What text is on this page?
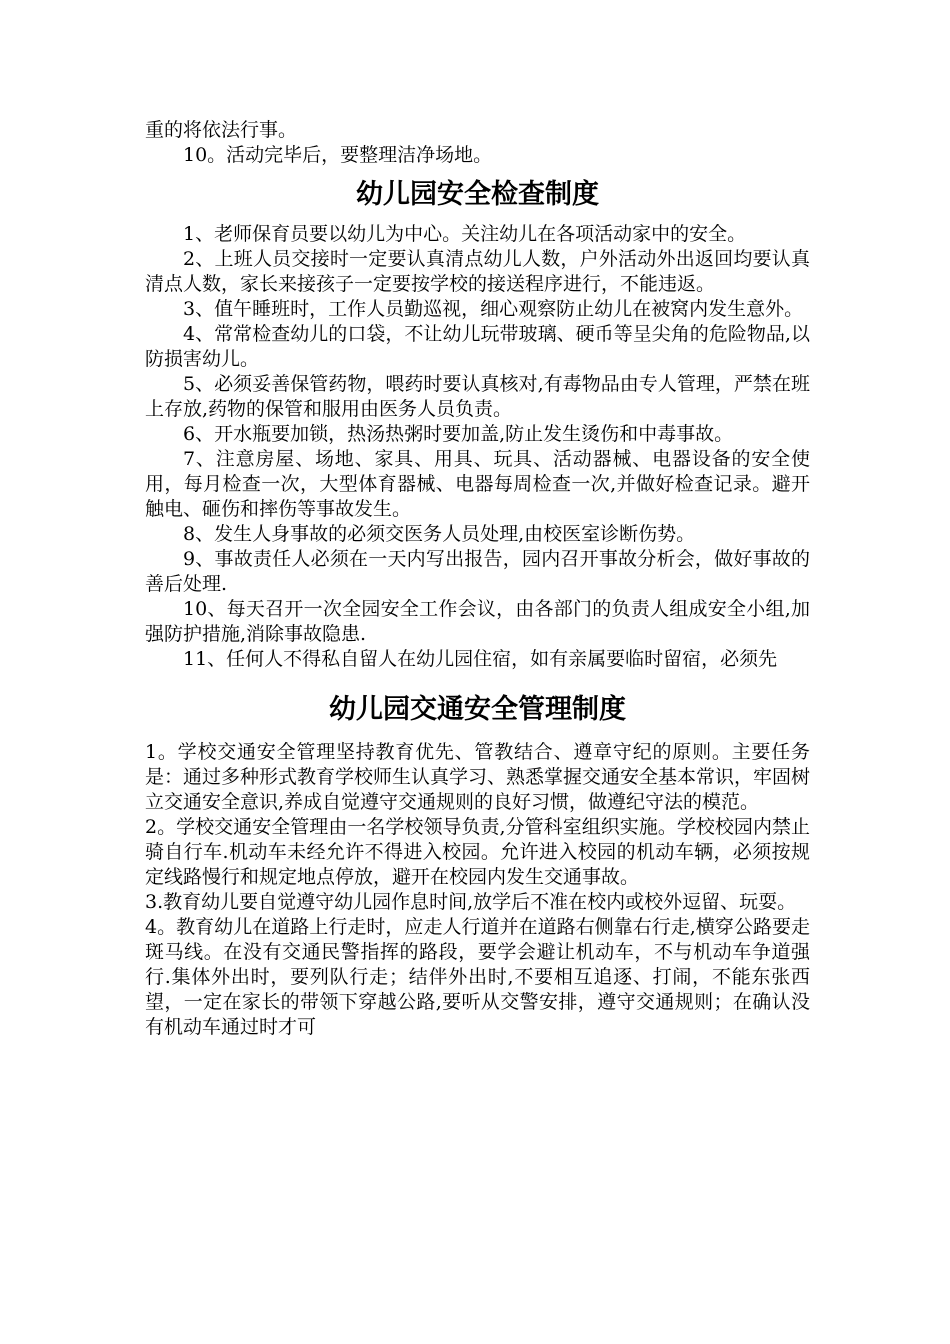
重的将依法行事。

10。活动完毕后，要整理洁净场地。

幼儿园安全检查制度

1、老师保育员要以幼儿为中心。关注幼儿在各项活动家中的安全。

2、上班人员交接时一定要认真清点幼儿人数，户外活动外出返回均要认真清点人数，家长来接孩子一定要按学校的接送程序进行，不能违返。

3、值午睡班时，工作人员勤巡视，细心观察防止幼儿在被窝内发生意外。

4、常常检查幼儿的口袋，不让幼儿玩带玻璃、硬币等呈尖角的危险物品,以防损害幼儿。

5、必须妥善保管药物，喂药时要认真核对,有毒物品由专人管理，严禁在班上存放,药物的保管和服用由医务人员负责。

6、开水瓶要加锁，热汤热粥时要加盖,防止发生烫伤和中毒事故。

7、注意房屋、场地、家具、用具、玩具、活动器械、电器设备的安全使用，每月检查一次，大型体育器械、电器每周检查一次,并做好检查记录。避开触电、砸伤和摔伤等事故发生。

8、发生人身事故的必须交医务人员处理,由校医室诊断伤势。

9、事故责任人必须在一天内写出报告，园内召开事故分析会，做好事故的善后处理.

10、每天召开一次全园安全工作会议，由各部门的负责人组成安全小组,加强防护措施,消除事故隐患.

11、任何人不得私自留人在幼儿园住宿，如有亲属要临时留宿，必须先

幼儿园交通安全管理制度

1。学校交通安全管理坚持教育优先、管教结合、遵章守纪的原则。主要任务是：通过多种形式教育学校师生认真学习、熟悉掌握交通安全基本常识，牢固树立交通安全意识,养成自觉遵守交通规则的良好习惯，做遵纪守法的模范。

2。学校交通安全管理由一名学校领导负责,分管科室组织实施。学校校园内禁止骑自行车.机动车未经允许不得进入校园。允许进入校园的机动车辆，必须按规定线路慢行和规定地点停放，避开在校园内发生交通事故。

3.教育幼儿要自觉遵守幼儿园作息时间,放学后不准在校内或校外逗留、玩耍。

4。教育幼儿在道路上行走时，应走人行道并在道路右侧靠右行走,横穿公路要走斑马线。在没有交通民警指挥的路段，要学会避让机动车，不与机动车争道强行.集体外出时，要列队行走；结伴外出时,不要相互追逐、打闹，不能东张西望，一定在家长的带领下穿越公路,要听从交警安排，遵守交通规则；在确认没有机动车通过时才可
